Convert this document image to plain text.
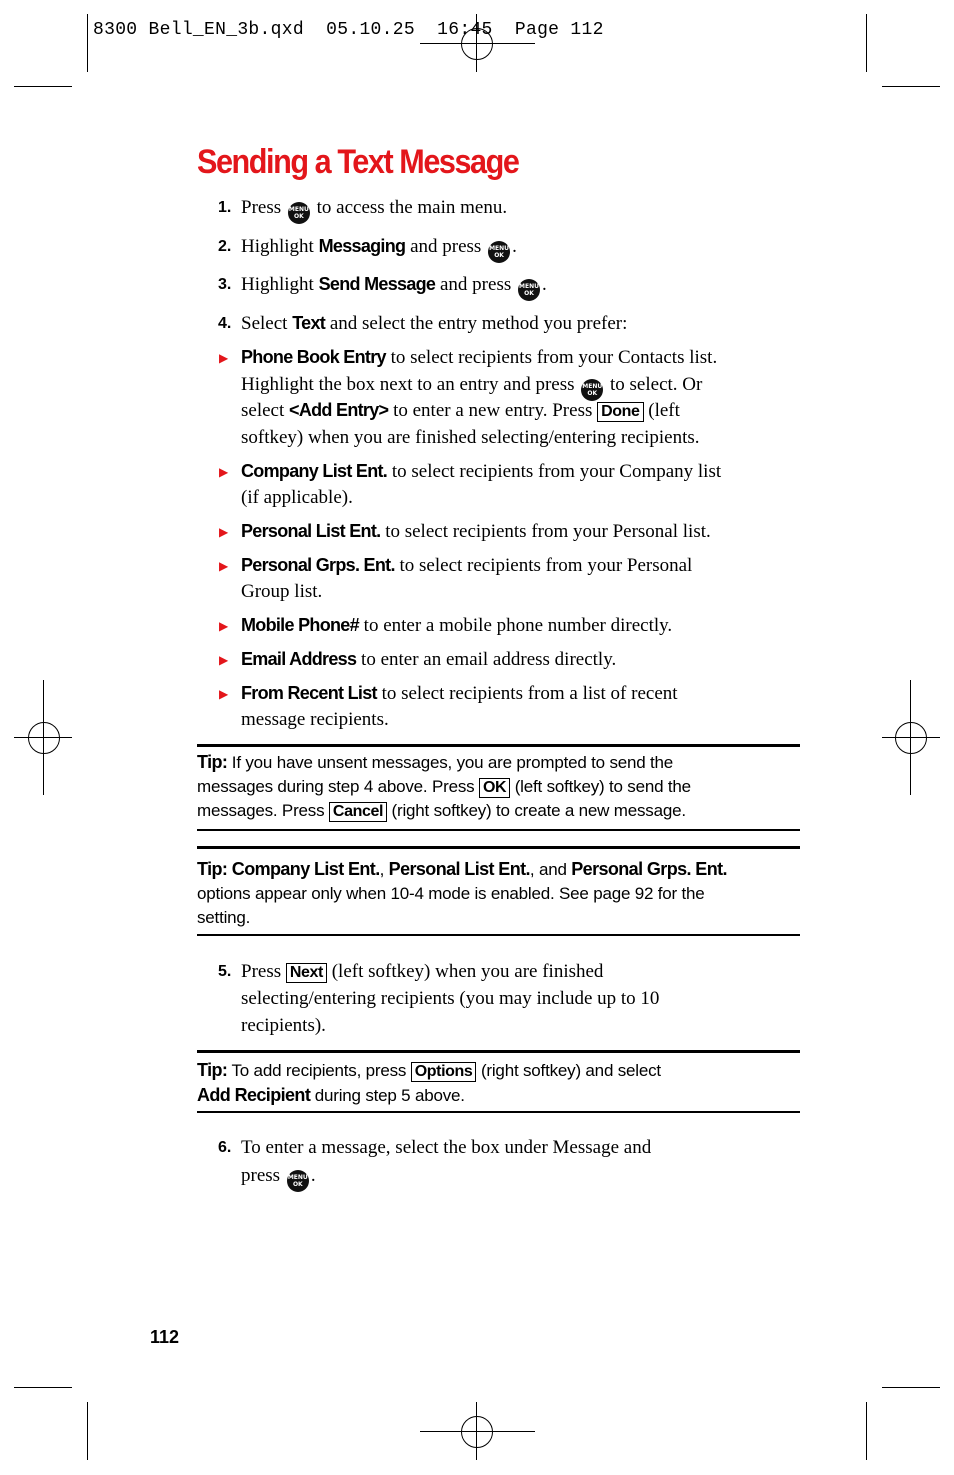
8300 Bell_EN_3b.qxd  05.10.25  16:45  Page 112
Sending a Text Message
1. Press MENU
OK to access the main menu.
2. Highlight Messaging and press MENU
OK .
3. Highlight Send Message and press MENU
OK .
4. Select Text and select the entry method you prefer:
▶ Phone Book Entry to select recipients from your Contacts list.
Highlight the box next to an entry and press MENU
OK to select. Or
select <Add Entry> to enter a new entry. Press Done (left
softkey) when you are finished selecting/entering recipients.
▶ Company List Ent. to select recipients from your Company list
(if applicable).
▶ Personal List Ent. to select recipients from your Personal list.
▶ Personal Grps. Ent. to select recipients from your Personal
Group list.
▶ Mobile Phone# to enter a mobile phone number directly.
▶ Email Address to enter an email address directly.
▶ From Recent List to select recipients from a list of recent
message recipients.
Tip: If you have unsent messages, you are prompted to send the
messages during step 4 above. Press OK (left softkey) to send the
messages. Press Cancel (right softkey) to create a new message.
Tip: Company List Ent., Personal List Ent., and Personal Grps. Ent.
options appear only when 10-4 mode is enabled. See page 92 for the
setting.
5. Press Next (left softkey) when you are finished
selecting/entering recipients (you may include up to 10
recipients).
Tip: To add recipients, press Options (right softkey) and select
Add Recipient during step 5 above.
6. To enter a message, select the box under Message and
press MENU
OK .
112
